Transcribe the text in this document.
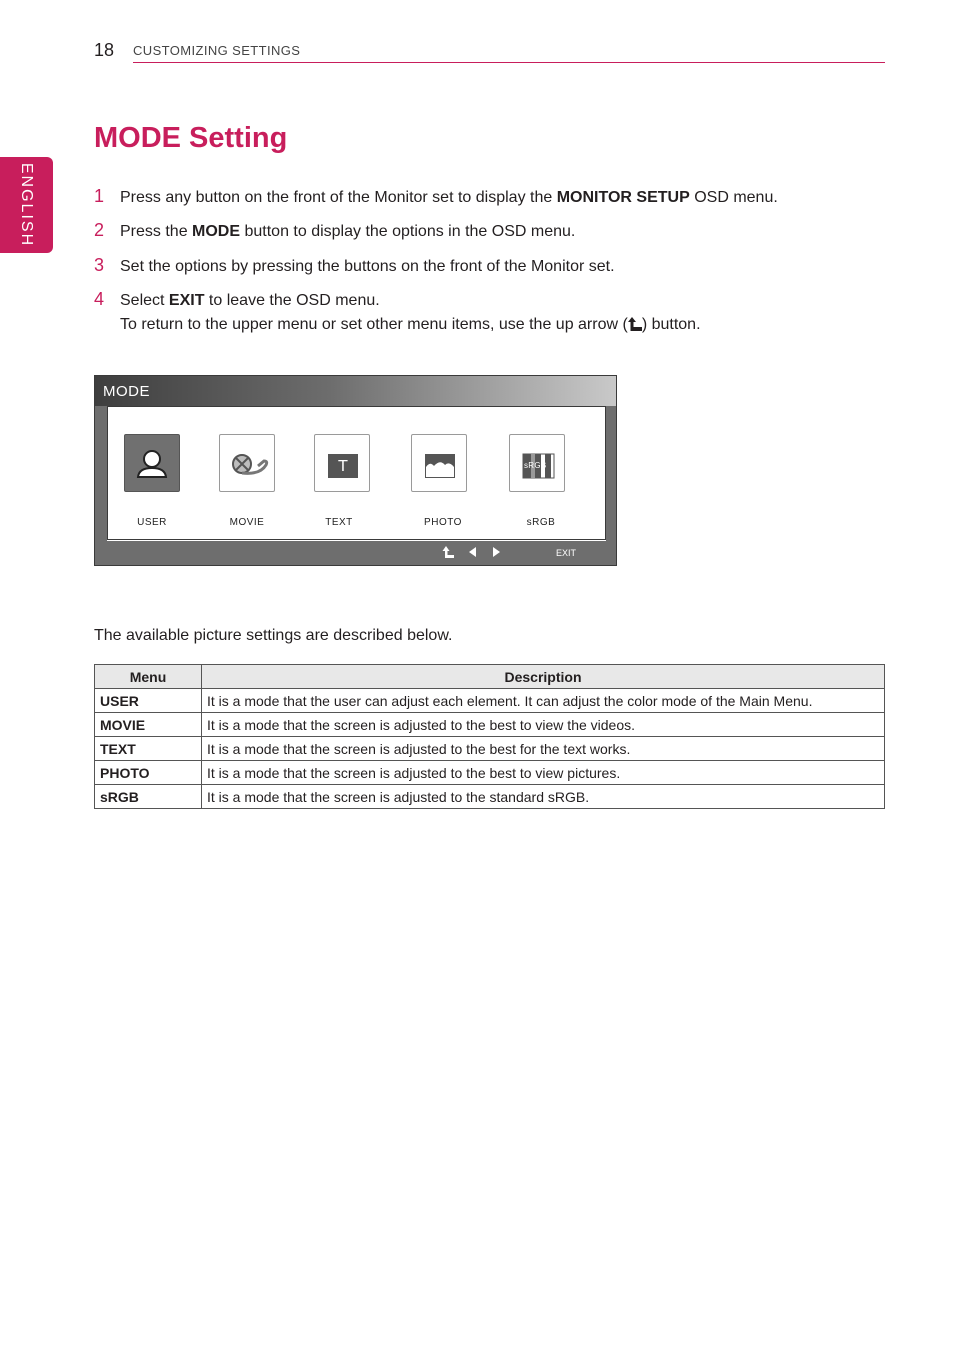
18 CUSTOMIZING SETTINGS
ENGLISH
MODE Setting
1 Press any button on the front of the Monitor set to display the MONITOR SETUP OSD menu.
2 Press the MODE button to display the options in the OSD menu.
3 Set the options by pressing the buttons on the front of the Monitor set.
4 Select EXIT to leave the OSD menu.
To return to the upper menu or set other menu items, use the up arrow ( ) button.
MODE
T	sRGB
USER	MOVIE	TEXT	PHOTO	sRGB
EXIT
The available picture settings are described below.
Menu	Description
USER	It is a mode that the user can adjust each element. It can adjust the color mode of the Main Menu.
MOVIE	It is a mode that the screen is adjusted to the best to view the videos.
TEXT	It is a mode that the screen is adjusted to the best for the text works.
PHOTO	It is a mode that the screen is adjusted to the best to view pictures.
sRGB	It is a mode that the screen is adjusted to the standard sRGB.
